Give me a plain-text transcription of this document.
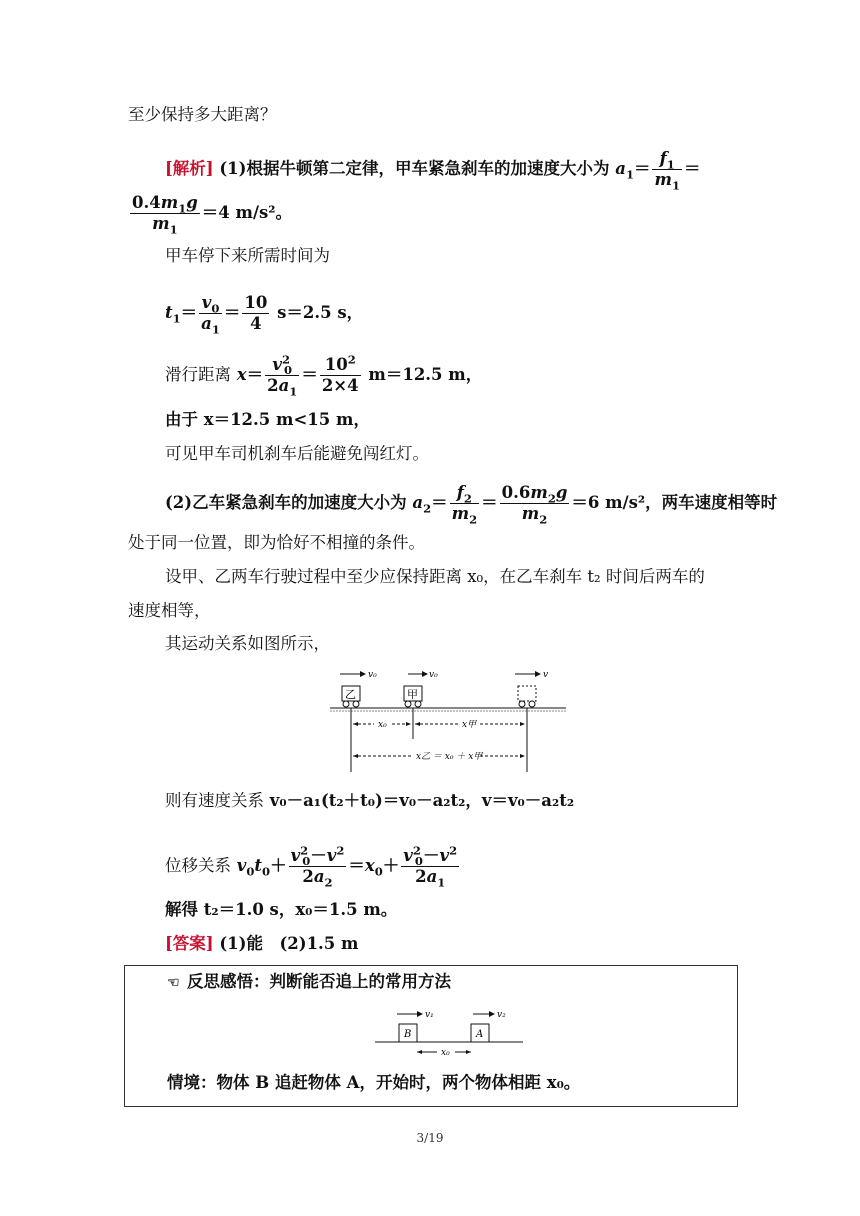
至少保持多大距离？
[解析] (1)根据牛顿第二定律，甲车紧急刹车的加速度大小为 $a_1= \frac{f_1}{m_1}$ ＝
$\frac{0.4m_1g}{m_1} =4$ m/s²。
甲车停下来所需时间为
$t_1= \frac{v_0}{a_1} = \frac{10}{4} s=2.5$ s，
滑行距离 $x= \frac{v^2_0}{2a_1} = \frac{10^2}{2\times 4} m=12.5$ m，
由于 x＝12.5 m<15 m，
可见甲车司机刹车后能避免闯红灯。
(2)乙车紧急刹车的加速度大小为 $a_2= \frac{f_2}{m_2} = \frac{0.6m_2g}{m_2} =6$ m/s²，两车速度相等时
处于同一位置，即为恰好不相撞的条件。
设甲、乙两车行驶过程中至少应保持距离 x₀，在乙车刹车 t₂ 时间后两车的
速度相等，
其运动关系如图所示，
v₀	v₀	v
乙	甲
x₀	x甲
x乙 ＝ x₀ ＋ x甲
则有速度关系 v₀－a₁(t₂＋t₀)＝v₀－a₂t₂，v＝v₀－a₂t₂
位移关系 $v_0t_0+ \frac{v^2_0-v^2}{2a_2} =x_0+ \frac{v^2_0-v^2}{2a_1}$
解得 t₂＝1.0 s，x₀＝1.5 m。
[答案] (1)能　(2)1.5 m
☜ 反思感悟：判断能否追上的常用方法
v₁	v₂
B	A
x₀
情境：物体 B 追赶物体 A，开始时，两个物体相距 x₀。
3/19
